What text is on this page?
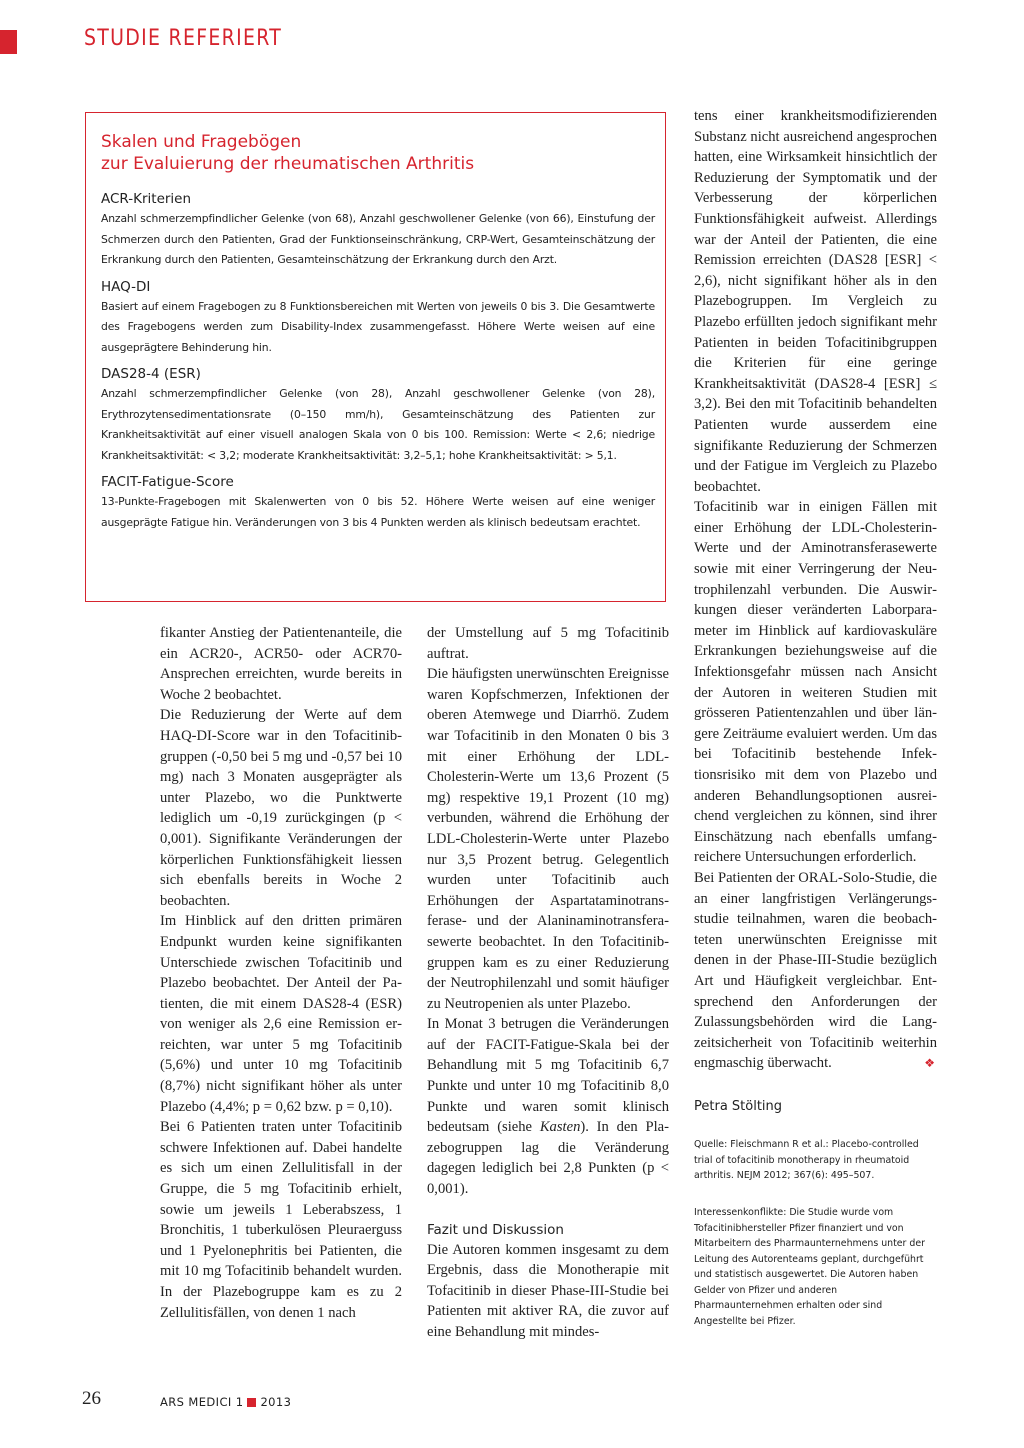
STUDIE REFERIERT
Skalen und Fragebögen
zur Evaluierung der rheumatischen Arthritis
ACR-Kriterien

Anzahl schmerzempfindlicher Gelenke (von 68), Anzahl geschwollener Gelenke (von 66), Einstufung der Schmerzen durch den Patienten, Grad der Funktionseinschränkung, CRP-Wert, Gesamteinschätzung der Erkrankung durch den Patienten, Gesamteinschätzung der Erkrankung durch den Arzt.

HAQ-DI

Basiert auf einem Fragebogen zu 8 Funktionsbereichen mit Werten von jeweils 0 bis 3. Die Gesamtwerte des Fragebogens werden zum Disability-Index zusammengefasst. Höhere Werte weisen auf eine ausgeprägtere Behinderung hin.

DAS28-4 (ESR)

Anzahl schmerzempfindlicher Gelenke (von 28), Anzahl geschwollener Gelenke (von 28), Erythrozytensedimentationsrate (0–150 mm/h), Gesamteinschätzung des Patienten zur Krankheitsaktivität auf einer visuell analogen Skala von 0 bis 100. Remission: Werte < 2,6; niedrige Krankheitsaktivität: < 3,2; moderate Krankheitsaktivität: 3,2–5,1; hohe Krankheitsaktivität: > 5,1.

FACIT-Fatigue-Score

13-Punkte-Fragebogen mit Skalenwerten von 0 bis 52. Höhere Werte weisen auf eine weniger ausgeprägte Fatigue hin. Veränderungen von 3 bis 4 Punkten werden als klinisch bedeutsam erachtet.

fikanter Anstieg der Patientenanteile, die ein ACR20-, ACR50- oder ACR70-Ansprechen erreichten, wurde bereits in Woche 2 beobachtet.

Die Reduzierung der Werte auf dem HAQ-DI-Score war in den Tofacitinibgruppen (-0,50 bei 5 mg und -0,57 bei 10 mg) nach 3 Monaten ausgeprägter als unter Plazebo, wo die Punktwerte lediglich um -0,19 zurückgingen (p < 0,001). Signifikante Veränderungen der körperlichen Funktionsfähigkeit liessen sich ebenfalls bereits in Woche 2 beobachten.

Im Hinblick auf den dritten primären Endpunkt wurden keine signifikanten Unterschiede zwischen Tofacitinib und Plazebo beobachtet. Der Anteil der Patienten, die mit einem DAS28-4 (ESR) von weniger als 2,6 eine Remission erreichten, war unter 5 mg Tofacitinib (5,6%) und unter 10 mg Tofacitinib (8,7%) nicht signifikant höher als unter Plazebo (4,4%; p = 0,62 bzw. p = 0,10).

Bei 6 Patienten traten unter Tofacitinib schwere Infektionen auf. Dabei handelte es sich um einen Zellulitisfall in der Gruppe, die 5 mg Tofacitinib erhielt, sowie um jeweils 1 Leberabszess, 1 Bronchitis, 1 tuberkulösen Pleuraerguss und 1 Pyelonephritis bei Patienten, die mit 10 mg Tofacitinib behandelt wurden. In der Plazebogruppe kam es zu 2 Zellulitisfällen, von denen 1 nach

der Umstellung auf 5 mg Tofacitinib auftrat.

Die häufigsten unerwünschten Ereignisse waren Kopfschmerzen, Infektionen der oberen Atemwege und Diarrhö. Zudem war Tofacitinib in den Monaten 0 bis 3 mit einer Erhöhung der LDL-Cholesterin-Werte um 13,6 Prozent (5 mg) respektive 19,1 Prozent (10 mg) verbunden, während die Erhöhung der LDL-Cholesterin-Werte unter Plazebo nur 3,5 Prozent betrug. Gelegentlich wurden unter Tofacitinib auch Erhöhungen der Aspartataminotransferase- und der Alaninaminotransferasewerte beobachtet. In den Tofacitinibgruppen kam es zu einer Reduzierung der Neutrophilenzahl und somit häufiger zu Neutropenien als unter Plazebo.

In Monat 3 betrugen die Veränderungen auf der FACIT-Fatigue-Skala bei der Behandlung mit 5 mg Tofacitinib 6,7 Punkte und unter 10 mg Tofacitinib 8,0 Punkte und waren somit klinisch bedeutsam (siehe Kasten). In den Plazebogruppen lag die Veränderung dagegen lediglich bei 2,8 Punkten (p < 0,001).

Fazit und Diskussion

Die Autoren kommen insgesamt zu dem Ergebnis, dass die Monotherapie mit Tofacitinib in dieser Phase-III-Studie bei Patienten mit aktiver RA, die zuvor auf eine Behandlung mit mindes-

tens einer krankheitsmodifizierenden Substanz nicht ausreichend angesprochen hatten, eine Wirksamkeit hinsichtlich der Reduzierung der Symptomatik und der Verbesserung der körperlichen Funktionsfähigkeit aufweist. Allerdings war der Anteil der Patienten, die eine Remission erreichten (DAS28 [ESR] < 2,6), nicht signifikant höher als in den Plazebogruppen. Im Vergleich zu Plazebo erfüllten jedoch signifikant mehr Patienten in beiden Tofacitinibgruppen die Kriterien für eine geringe Krankheitsaktivität (DAS28-4 [ESR] ≤ 3,2). Bei den mit Tofacitinib behandelten Patienten wurde ausserdem eine signifikante Reduzierung der Schmerzen und der Fatigue im Vergleich zu Plazebo beobachtet.

Tofacitinib war in einigen Fällen mit einer Erhöhung der LDL-Cholesterin-Werte und der Aminotransferasewerte sowie mit einer Verringerung der Neutrophilenzahl verbunden. Die Auswirkungen dieser veränderten Laborparameter im Hinblick auf kardiovaskuläre Erkrankungen beziehungsweise auf die Infektionsgefahr müssen nach Ansicht der Autoren in weiteren Studien mit grösseren Patientenzahlen und über längere Zeiträume evaluiert werden. Um das bei Tofacitinib bestehende Infektionsrisiko mit dem von Plazebo und anderen Behandlungsoptionen ausreichend vergleichen zu können, sind ihrer Einschätzung nach ebenfalls umfangreichere Untersuchungen erforderlich.

Bei Patienten der ORAL-Solo-Studie, die an einer langfristigen Verlängerungsstudie teilnahmen, waren die beobachteten unerwünschten Ereignisse mit denen in der Phase-III-Studie bezüglich Art und Häufigkeit vergleichbar. Entsprechend den Anforderungen der Zulassungsbehörden wird die Langzeitsicherheit von Tofacitinib weiterhin engmaschig überwacht.	❖

Petra Stölting

Quelle: Fleischmann R et al.: Placebo-controlled trial of tofacitinib monotherapy in rheumatoid arthritis. NEJM 2012; 367(6): 495–507.

Interessenkonflikte: Die Studie wurde vom Tofacitinibhersteller Pfizer finanziert und von Mitarbeitern des Pharmaunternehmens unter der Leitung des Autorenteams geplant, durchgeführt und statistisch ausgewertet. Die Autoren haben Gelder von Pfizer und anderen Pharmaunternehmen erhalten oder sind Angestellte bei Pfizer.

26	ARS MEDICI 1 2013
